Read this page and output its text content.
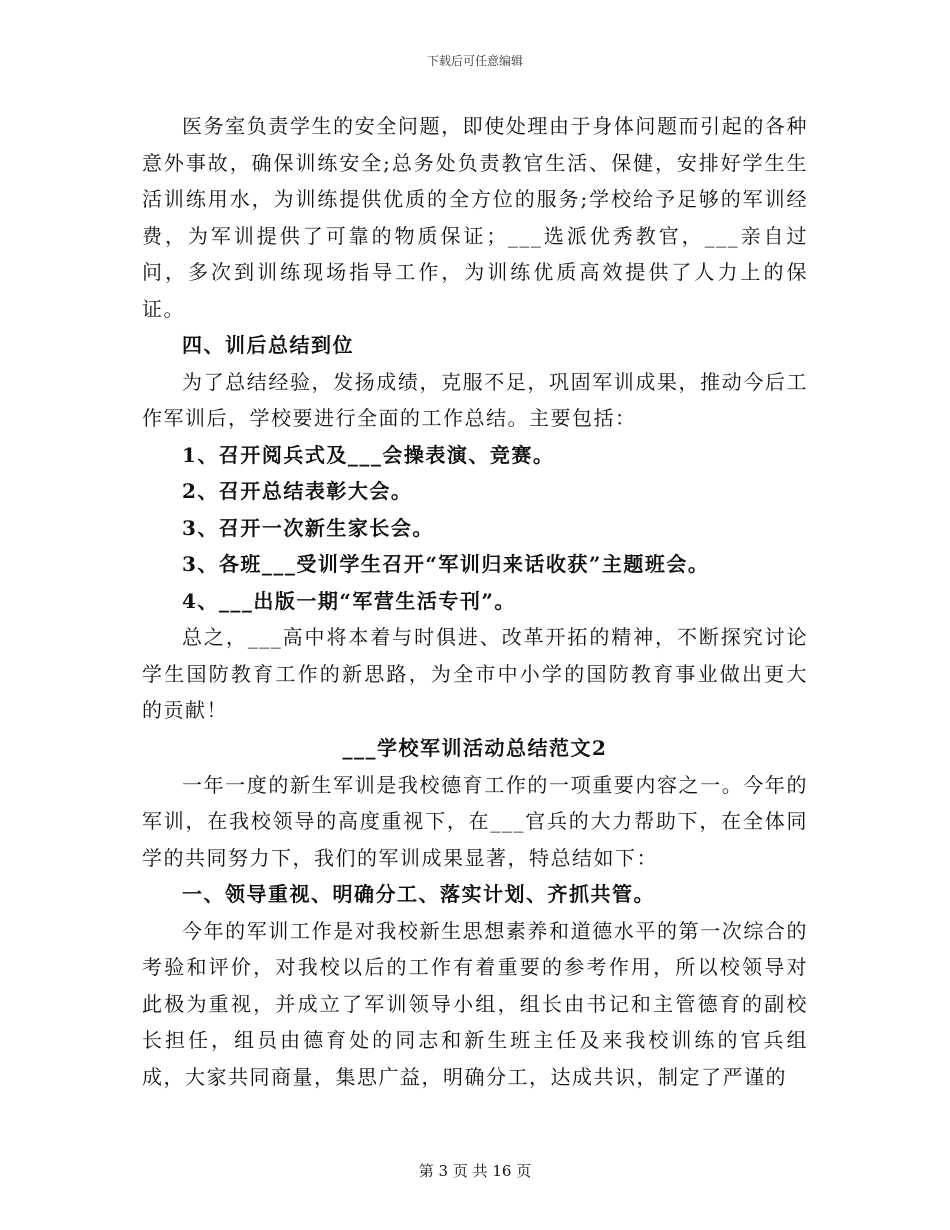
下载后可任意编辑

医务室负责学生的安全问题，即使处理由于身体问题而引起的各种意外事故，确保训练安全;总务处负责教官生活、保健，安排好学生生活训练用水，为训练提供优质的全方位的服务;学校给予足够的军训经费，为军训提供了可靠的物质保证；___选派优秀教官，___亲自过问，多次到训练现场指导工作，为训练优质高效提供了人力上的保证。

四、训后总结到位

为了总结经验，发扬成绩，克服不足，巩固军训成果，推动今后工作军训后，学校要进行全面的工作总结。主要包括：

1、召开阅兵式及___会操表演、竞赛。

2、召开总结表彰大会。

3、召开一次新生家长会。

3、各班___受训学生召开“军训归来话收获”主题班会。

4、___出版一期“军营生活专刊”。

总之，___高中将本着与时俱进、改革开拓的精神，不断探究讨论学生国防教育工作的新思路，为全市中小学的国防教育事业做出更大的贡献！

___学校军训活动总结范文2

一年一度的新生军训是我校德育工作的一项重要内容之一。今年的军训，在我校领导的高度重视下，在___官兵的大力帮助下，在全体同学的共同努力下，我们的军训成果显著，特总结如下：

一、领导重视、明确分工、落实计划、齐抓共管。

今年的军训工作是对我校新生思想素养和道德水平的第一次综合的考验和评价，对我校以后的工作有着重要的参考作用，所以校领导对此极为重视，并成立了军训领导小组，组长由书记和主管德育的副校长担任，组员由德育处的同志和新生班主任及来我校训练的官兵组成，大家共同商量，集思广益，明确分工，达成共识，制定了严谨的

第 3 页 共 16 页
